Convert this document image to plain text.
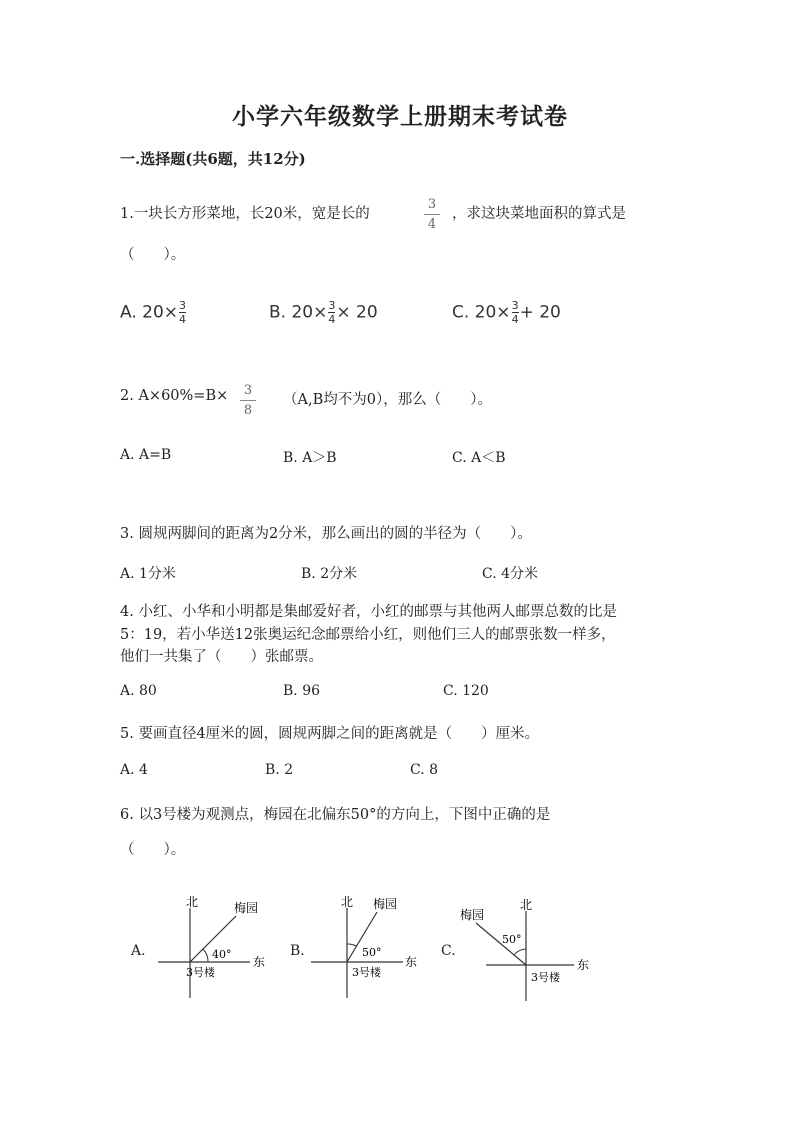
小学六年级数学上册期末考试卷
一.选择题(共6题，共12分)
1.一块长方形菜地，长20米，宽是长的
3
4
，求这块菜地面积的算式是
（　　）。
A. $20\times\frac{3}{4}$	B. $20\times\frac{3}{4}\times 20$	C. $20\times\frac{3}{4}+ 20$
2. A×60%=B× 3
8
（A,B均不为0），那么（　　）。
A. A=B	B. A＞B	C. A＜B
3. 圆规两脚间的距离为2分米，那么画出的圆的半径为（　　）。
A. 1分米	B. 2分米	C. 4分米
4. 小红、小华和小明都是集邮爱好者，小红的邮票与其他两人邮票总数的比是
5：19，若小华送12张奥运纪念邮票给小红，则他们三人的邮票张数一样多，
他们一共集了（　　）张邮票。
A. 80	B. 96	C. 120
5. 要画直径4厘米的圆，圆规两脚之间的距离就是（　　）厘米。
A. 4	B. 2	C. 8
6. 以3号楼为观测点，梅园在北偏东50°的方向上，下图中正确的是
（　　）。
A.
北	梅园
东
40°
3号楼
B.
北 梅园
东
50°
3号楼
C.
北
梅园
东
50°
3号楼
